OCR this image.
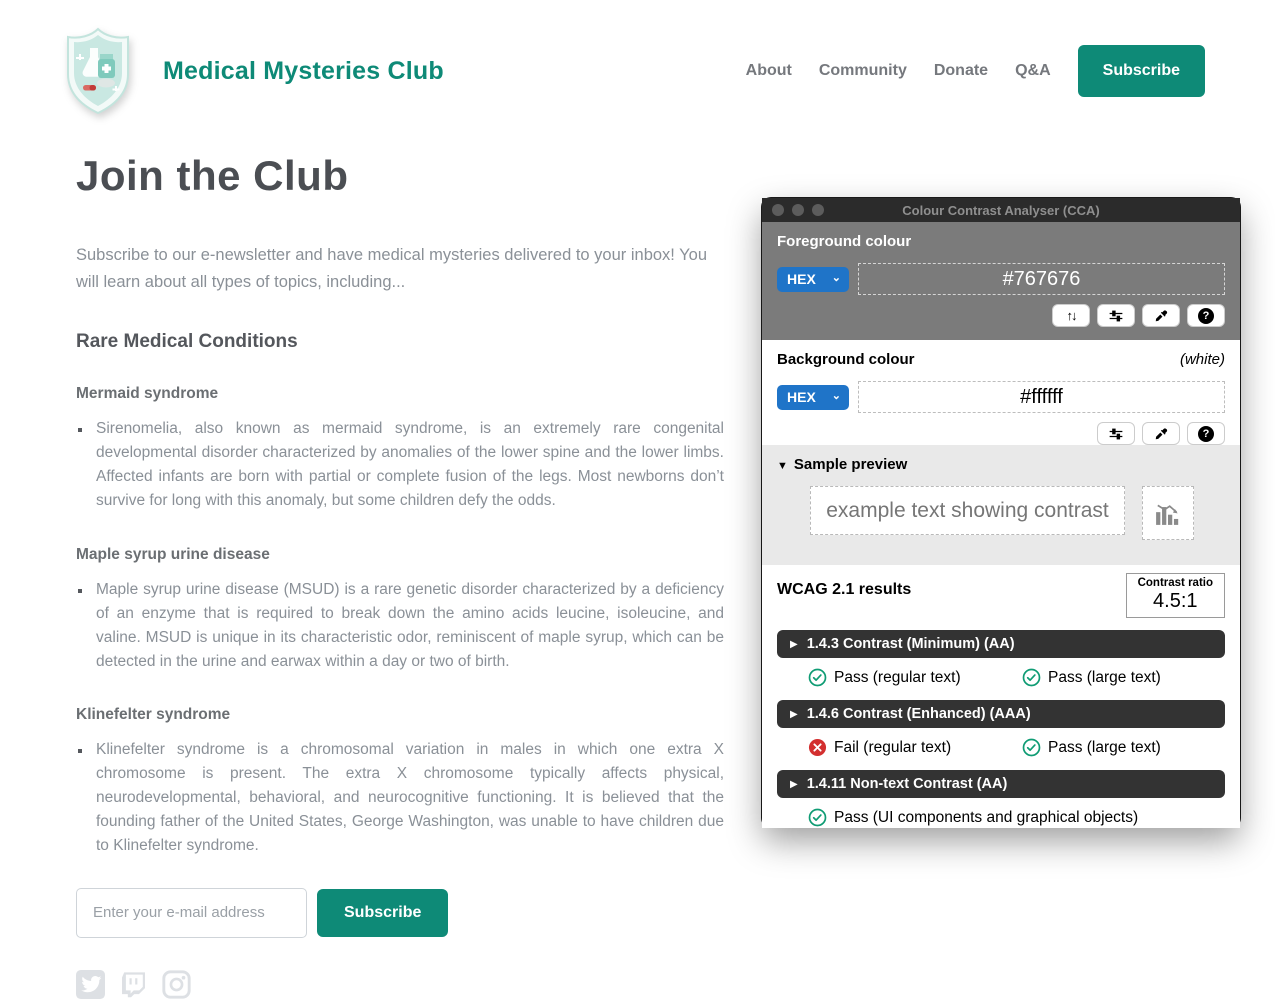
Medical Mysteries Club	About Community Donate Q&A	Subscribe
Join the Club

Subscribe to our e-newsletter and have medical mysteries delivered to your inbox! You will learn about all types of topics, including...

Rare Medical Conditions
Mermaid syndrome
▪ Sirenomelia, also known as mermaid syndrome, is an extremely rare congenital developmental disorder characterized by anomalies of the lower spine and the lower limbs. Affected infants are born with partial or complete fusion of the legs. Most newborns don’t survive for long with this anomaly, but some children defy the odds.
Maple syrup urine disease
▪ Maple syrup urine disease (MSUD) is a rare genetic disorder characterized by a deficiency of an enzyme that is required to break down the amino acids leucine, isoleucine, and valine. MSUD is unique in its characteristic odor, reminiscent of maple syrup, which can be detected in the urine and earwax within a day or two of birth.
Klinefelter syndrome
▪ Klinefelter syndrome is a chromosomal variation in males in which one extra X chromosome is present. The extra X chromosome typically affects physical, neurodevelopmental, behavioral, and neurocognitive functioning. It is believed that the founding father of the United States, George Washington, was unable to have children due to Klinefelter syndrome.
Enter your e-mail address
Subscribe
Colour Contrast Analyser (CCA)
Foreground colour
HEX ⌄
#767676
↑↓	?
Background colour	(white)
HEX ⌄
#ffffff
?
▼ Sample preview
example text showing contrast
WCAG 2.1 results	Contrast ratio
4.5:1
▶ 1.4.3 Contrast (Minimum) (AA)
Pass (regular text)	Pass (large text)
▶ 1.4.6 Contrast (Enhanced) (AAA)
Fail (regular text)	Pass (large text)
▶ 1.4.11 Non-text Contrast (AA)
Pass (UI components and graphical objects)
